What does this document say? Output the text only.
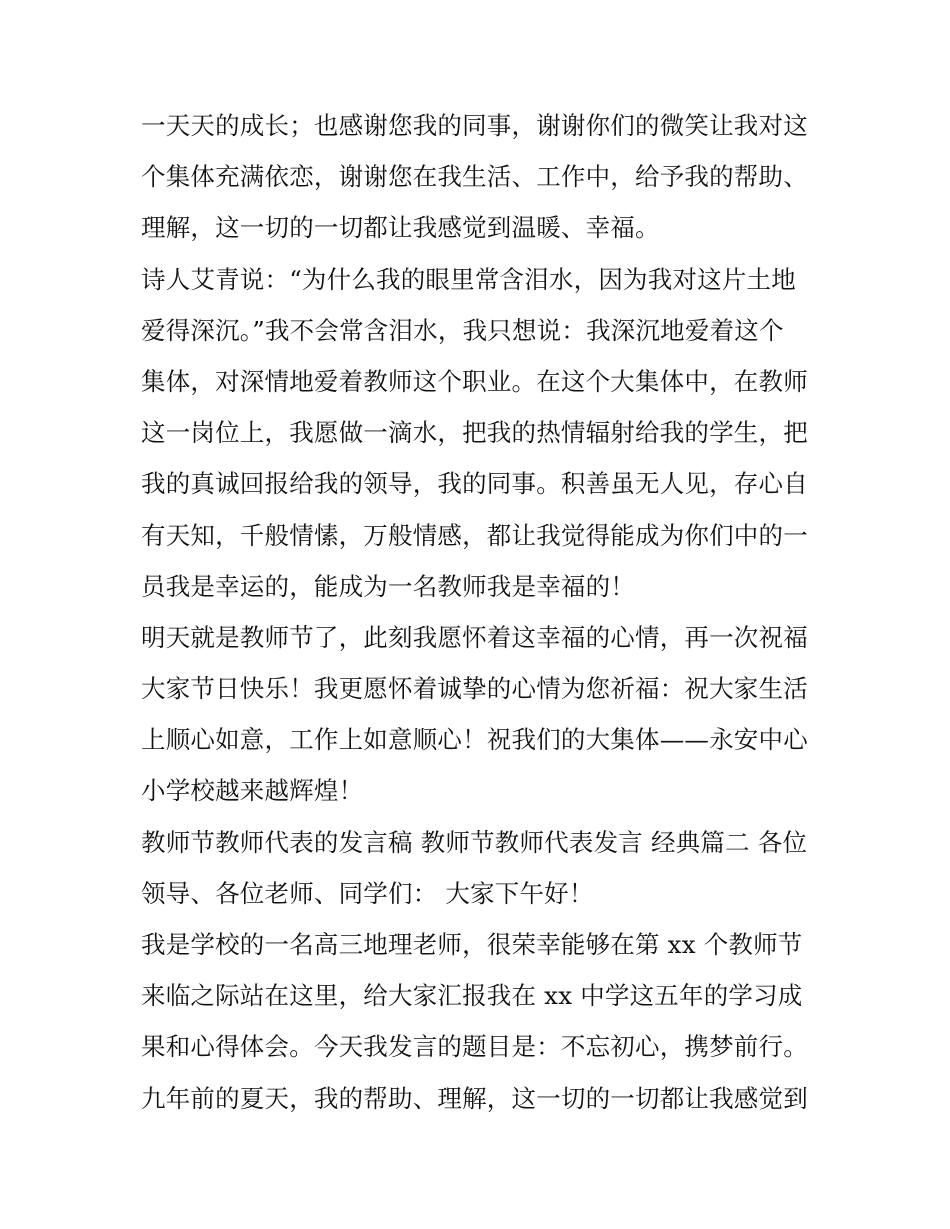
一天天的成长；也感谢您我的同事，谢谢你们的微笑让我对这
个集体充满依恋，谢谢您在我生活、工作中，给予我的帮助、
理解，这一切的一切都让我感觉到温暖、幸福。
诗人艾青说：“为什么我的眼里常含泪水，因为我对这片土地
爱得深沉。”我不会常含泪水，我只想说：我深沉地爱着这个
集体，对深情地爱着教师这个职业。在这个大集体中，在教师
这一岗位上，我愿做一滴水，把我的热情辐射给我的学生，把
我的真诚回报给我的领导，我的同事。积善虽无人见，存心自
有天知，千般情愫，万般情感，都让我觉得能成为你们中的一
员我是幸运的，能成为一名教师我是幸福的！
明天就是教师节了，此刻我愿怀着这幸福的心情，再一次祝福
大家节日快乐！我更愿怀着诚挚的心情为您祈福：祝大家生活
上顺心如意，工作上如意顺心！祝我们的大集体——永安中心
小学校越来越辉煌！
教师节教师代表的发言稿 教师节教师代表发言 经典篇二 各位
领导、各位老师、同学们： 大家下午好！
我是学校的一名高三地理老师，很荣幸能够在第 xx 个教师节
来临之际站在这里，给大家汇报我在 xx 中学这五年的学习成
果和心得体会。今天我发言的题目是：不忘初心，携梦前行。
九年前的夏天，我的帮助、理解，这一切的一切都让我感觉到
